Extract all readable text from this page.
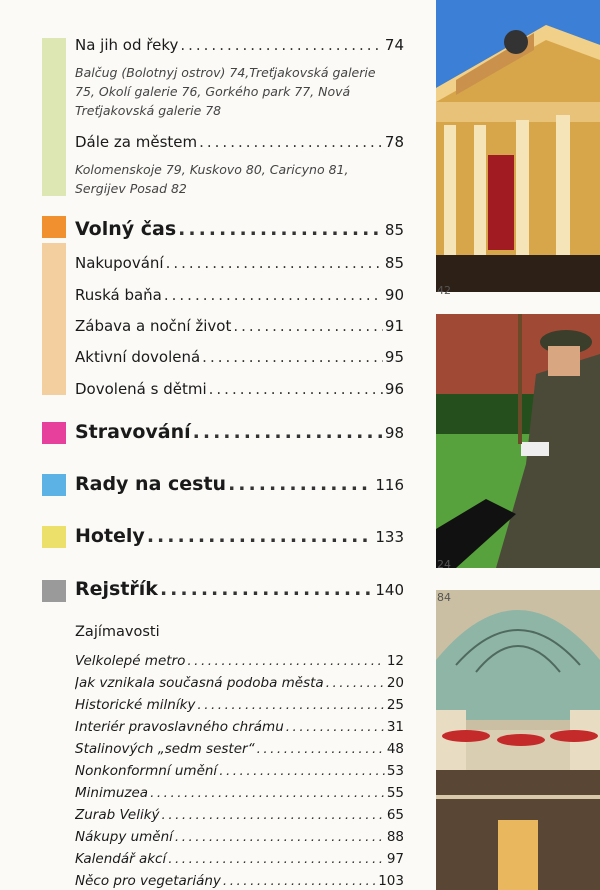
Na jih od řeky .....	74
Balčug (Bolotnyj ostrov) 74,Treťjakovská galerie 75, Okolí galerie 76, Gorkého park 77, Nová Treťjakovská galerie 78
Dále za městem .....	78
Kolomenskoje 79, Kuskovo 80, Caricyno 81, Sergijev Posad 82
Volný čas .....	85
Nakupování .....	85
Ruská baňa .....	90
Zábava a noční život .....	91
Aktivní dovolená .....	95
Dovolená s dětmi .....	96
Stravování .....	98
Rady na cestu .....	116
Hotely .....	133
Rejstřík .....	140
Zajímavosti
Velkolepé metro .....	12
Jak vznikala současná podoba města .....	20
Historické milníky .....	25
Interiér pravoslavného chrámu .....	31
Stalinových „sedm sester“ .....	48
Nonkonformní umění .....	53
Minimuzea .....	55
Zurab Veliký .....	65
Nákupy umění .....	88
Kalendář akcí .....	97
Něco pro vegetariány .....	103
42
24
84
